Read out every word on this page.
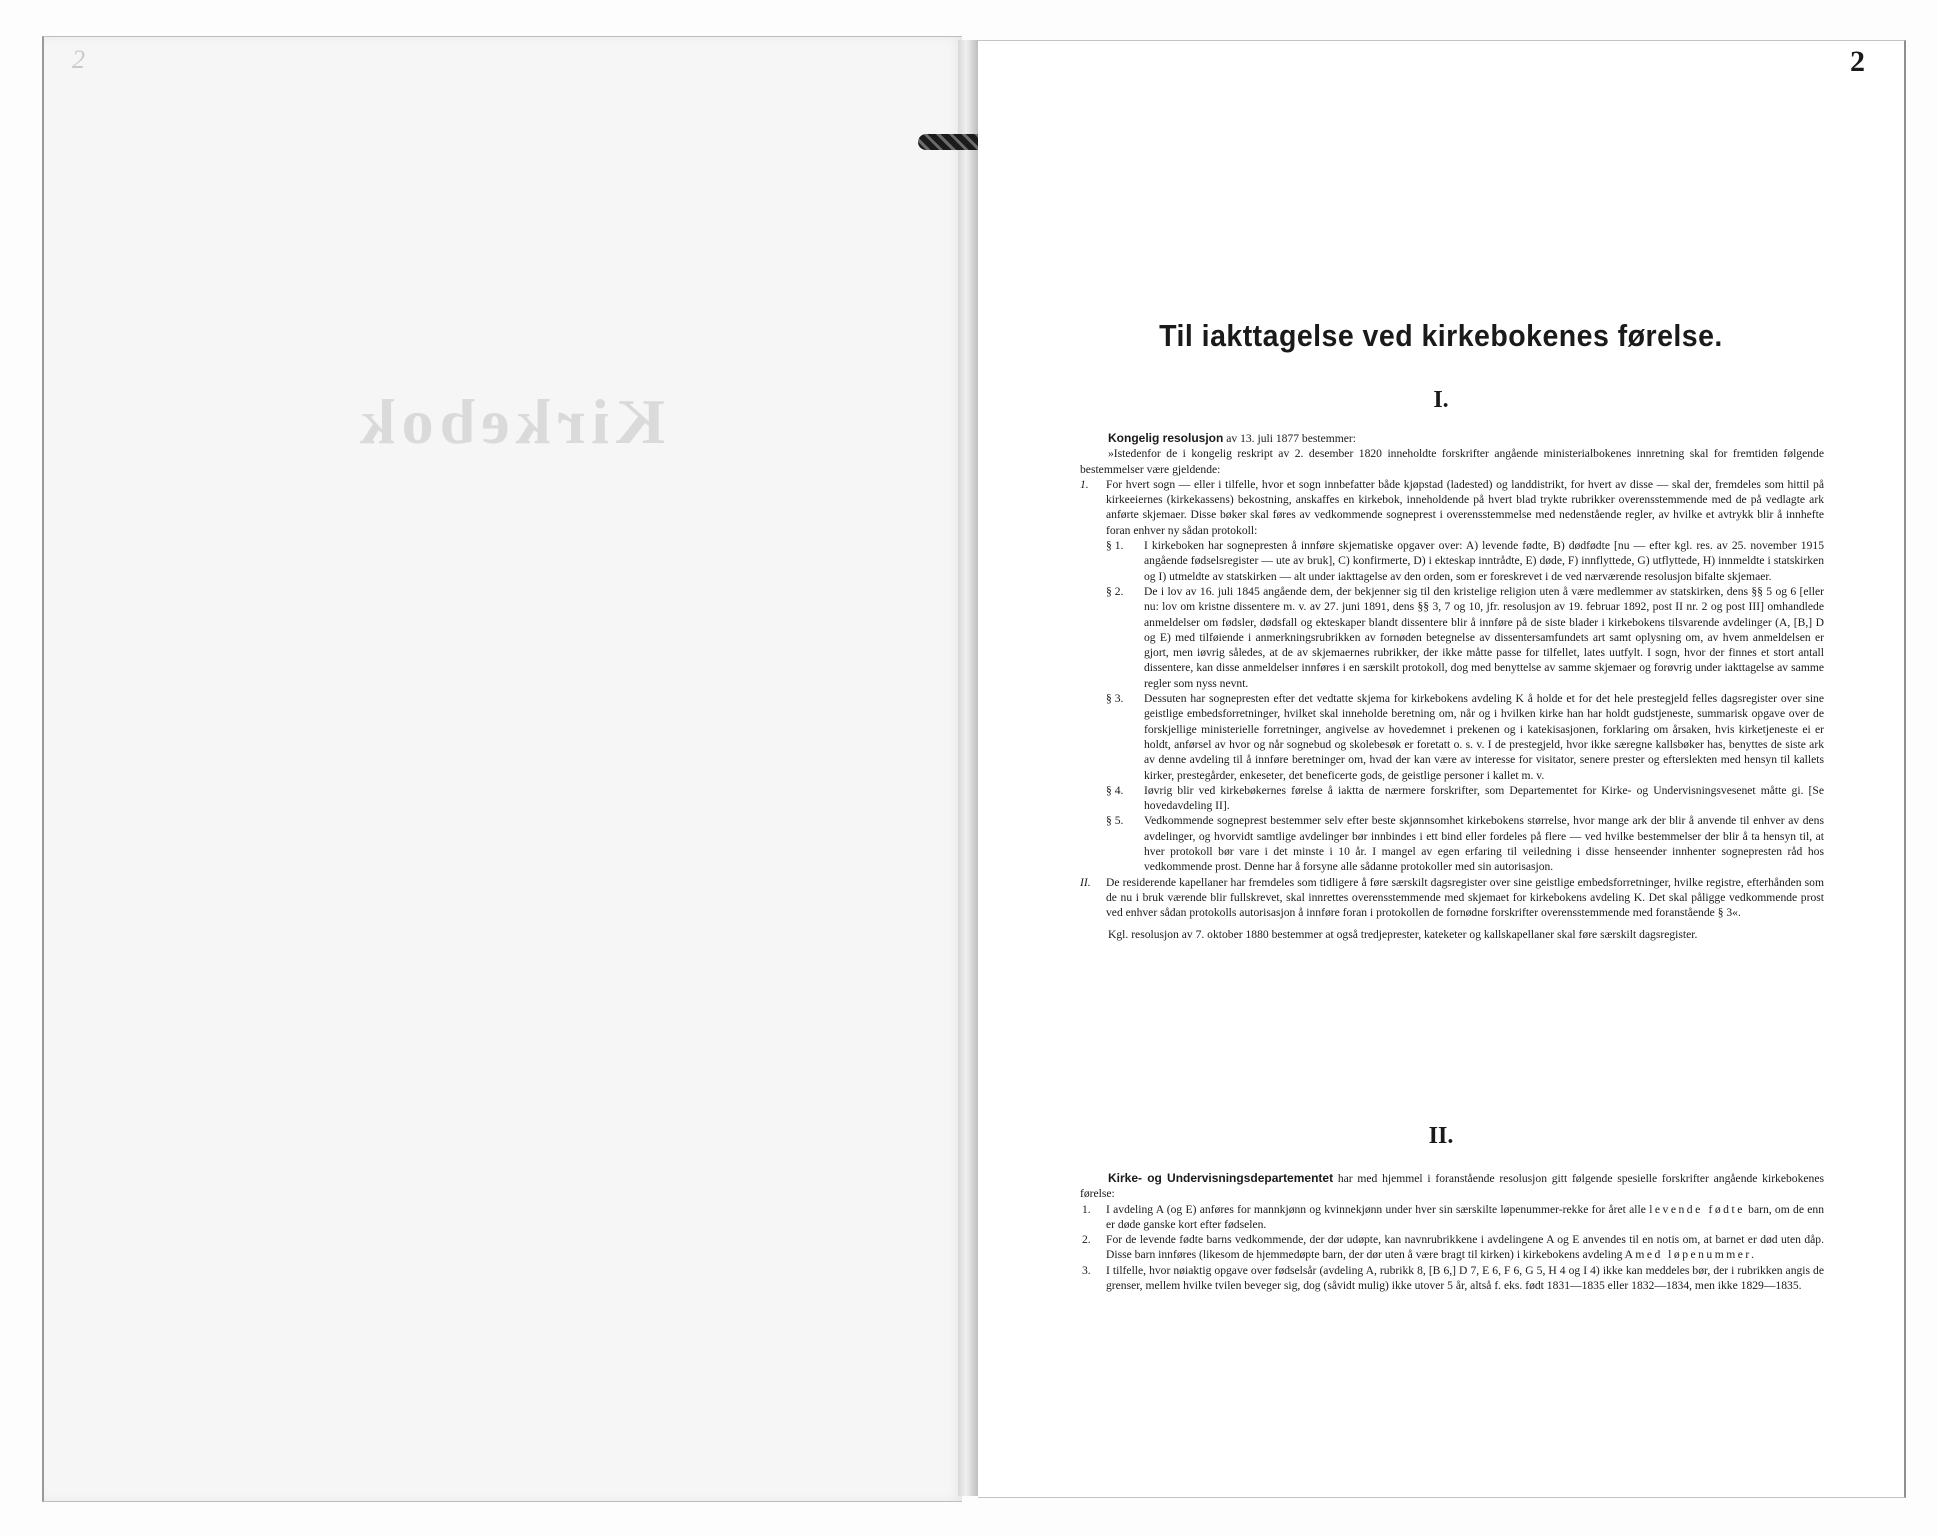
2
Kirkebok

2
Til iakttagelse ved kirkebokenes førelse.
I.

Kongelig resolusjon av 13. juli 1877 bestemmer:

»Istedenfor de i kongelig reskript av 2. desember 1820 inneholdte forskrifter angående ministerialbokenes innretning skal for fremtiden følgende bestemmelser være gjeldende:

1.	For hvert sogn — eller i tilfelle, hvor et sogn innbefatter både kjøpstad (ladested) og landdistrikt, for hvert av disse — skal der, fremdeles som hittil på kirkeeiernes (kirkekassens) bekostning, anskaffes en kirkebok, inneholdende på hvert blad trykte rubrikker overensstemmende med de på vedlagte ark anførte skjemaer. Disse bøker skal føres av vedkommende sogneprest i overensstemmelse med nedenstående regler, av hvilke et avtrykk blir å innhefte foran enhver ny sådan protokoll:
§ 1.	I kirkeboken har sognepresten å innføre skjematiske opgaver over: A) levende fødte, B) dødfødte [nu — efter kgl. res. av 25. november 1915 angående fødselsregister — ute av bruk], C) konfirmerte, D) i ekteskap inntrådte, E) døde, F) innflyttede, G) utflyttede, H) innmeldte i statskirken og I) utmeldte av statskirken — alt under iakttagelse av den orden, som er foreskrevet i de ved nærværende resolusjon bifalte skjemaer.
§ 2.	De i lov av 16. juli 1845 angående dem, der bekjenner sig til den kristelige religion uten å være medlemmer av statskirken, dens §§ 5 og 6 [eller nu: lov om kristne dissentere m. v. av 27. juni 1891, dens §§ 3, 7 og 10, jfr. resolusjon av 19. februar 1892, post II nr. 2 og post III] omhandlede anmeldelser om fødsler, dødsfall og ekteskaper blandt dissentere blir å innføre på de siste blader i kirkebokens tilsvarende avdelinger (A, [B,] D og E) med tilføiende i anmerkningsrubrikken av fornøden betegnelse av dissentersamfundets art samt oplysning om, av hvem anmeldelsen er gjort, men iøvrig således, at de av skjemaernes rubrikker, der ikke måtte passe for tilfellet, lates uutfylt. I sogn, hvor der finnes et stort antall dissentere, kan disse anmeldelser innføres i en særskilt protokoll, dog med benyttelse av samme skjemaer og forøvrig under iakttagelse av samme regler som nyss nevnt.
§ 3.	Dessuten har sognepresten efter det vedtatte skjema for kirkebokens avdeling K å holde et for det hele prestegjeld felles dagsregister over sine geistlige embedsforretninger, hvilket skal inneholde beretning om, når og i hvilken kirke han har holdt gudstjeneste, summarisk opgave over de forskjellige ministerielle forretninger, angivelse av hovedemnet i prekenen og i katekisasjonen, forklaring om årsaken, hvis kirketjeneste ei er holdt, anførsel av hvor og når sognebud og skolebesøk er foretatt o. s. v. I de prestegjeld, hvor ikke særegne kallsbøker has, benyttes de siste ark av denne avdeling til å innføre beretninger om, hvad der kan være av interesse for visitator, senere prester og efterslekten med hensyn til kallets kirker, prestegårder, enkeseter, det beneficerte gods, de geistlige personer i kallet m. v.
§ 4.	Iøvrig blir ved kirkebøkernes førelse å iaktta de nærmere forskrifter, som Departementet for Kirke- og Undervisningsvesenet måtte gi. [Se hovedavdeling II].
§ 5.	Vedkommende sogneprest bestemmer selv efter beste skjønnsomhet kirkebokens størrelse, hvor mange ark der blir å anvende til enhver av dens avdelinger, og hvorvidt samtlige avdelinger bør innbindes i ett bind eller fordeles på flere — ved hvilke bestemmelser der blir å ta hensyn til, at hver protokoll bør vare i det minste i 10 år. I mangel av egen erfaring til veiledning i disse henseender innhenter sognepresten råd hos vedkommende prost. Denne har å forsyne alle sådanne protokoller med sin autorisasjon.
II.	De residerende kapellaner har fremdeles som tidligere å føre særskilt dagsregister over sine geistlige embedsforretninger, hvilke registre, efterhånden som de nu i bruk værende blir fullskrevet, skal innrettes overensstemmende med skjemaet for kirkebokens avdeling K. Det skal påligge vedkommende prost ved enhver sådan protokolls autorisasjon å innføre foran i protokollen de fornødne forskrifter overensstemmende med foranstående § 3«.

Kgl. resolusjon av 7. oktober 1880 bestemmer at også tredjeprester, kateketer og kallskapellaner skal føre særskilt dagsregister.

II.

Kirke- og Undervisningsdepartementet har med hjemmel i foranstående resolusjon gitt følgende spesielle forskrifter angående kirkebokenes førelse:

1.	I avdeling A (og E) anføres for mannkjønn og kvinnekjønn under hver sin særskilte løpenummer-rekke for året alle levende fødte barn, om de enn er døde ganske kort efter fødselen.
2.	For de levende fødte barns vedkommende, der dør udøpte, kan navnrubrikkene i avdelingene A og E anvendes til en notis om, at barnet er død uten dåp. Disse barn innføres (likesom de hjemmedøpte barn, der dør uten å være bragt til kirken) i kirkebokens avdeling A med løpenummer.
3.	I tilfelle, hvor nøiaktig opgave over fødselsår (avdeling A, rubrikk 8, [B 6,] D 7, E 6, F 6, G 5, H 4 og I 4) ikke kan meddeles bør, der i rubrikken angis de grenser, mellem hvilke tvilen beveger sig, dog (såvidt mulig) ikke utover 5 år, altså f. eks. født 1831—1835 eller 1832—1834, men ikke 1829—1835.
